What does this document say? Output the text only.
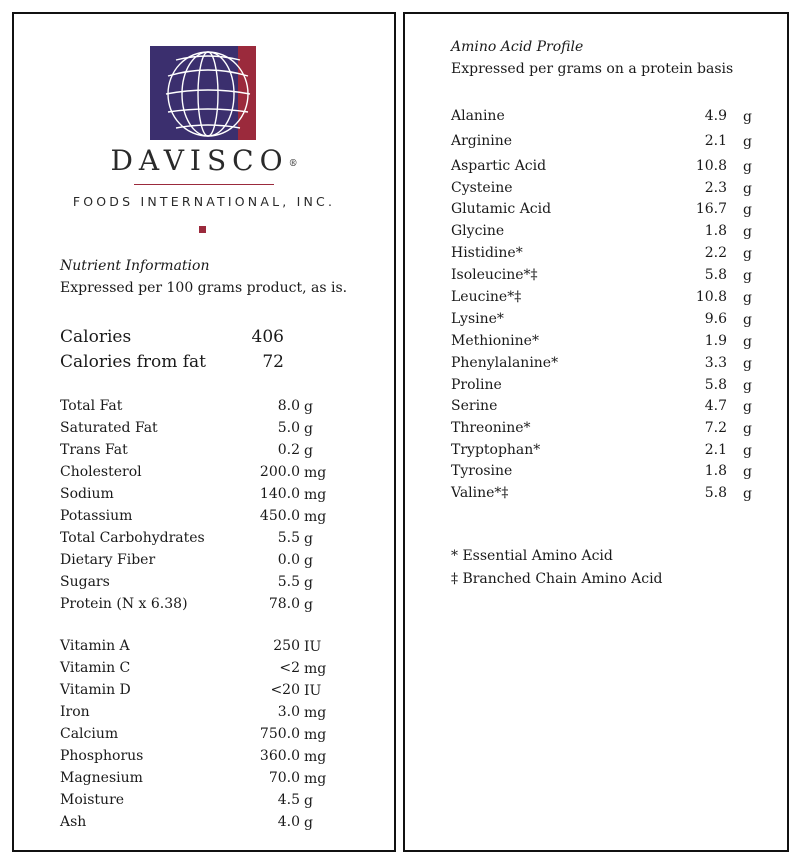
DAVISCO®
FOODS INTERNATIONAL, INC.
Nutrient Information
Expressed per 100 grams product, as is.
Calories	406
Calories from fat	72
Total Fat	8.0 g
Saturated Fat	5.0 g
Trans Fat	0.2 g
Cholesterol	200.0 mg
Sodium	140.0 mg
Potassium	450.0 mg
Total Carbohydrates	5.5 g
Dietary Fiber	0.0 g
Sugars	5.5 g
Protein (N x 6.38)	78.0 g
Vitamin A	250 IU
Vitamin C	<2 mg
Vitamin D	<20 IU
Iron	3.0 mg
Calcium	750.0 mg
Phosphorus	360.0 mg
Magnesium	70.0 mg
Moisture	4.5 g
Ash	4.0 g
Amino Acid Profile
Expressed per grams on a protein basis
Alanine	4.9 g
Arginine	2.1 g
Aspartic Acid	10.8 g
Cysteine	2.3 g
Glutamic Acid	16.7 g
Glycine	1.8 g
Histidine*	2.2 g
Isoleucine*‡	5.8 g
Leucine*‡	10.8 g
Lysine*	9.6 g
Methionine*	1.9 g
Phenylalanine*	3.3 g
Proline	5.8 g
Serine	4.7 g
Threonine*	7.2 g
Tryptophan*	2.1 g
Tyrosine	1.8 g
Valine*‡	5.8 g
* Essential Amino Acid
‡ Branched Chain Amino Acid
